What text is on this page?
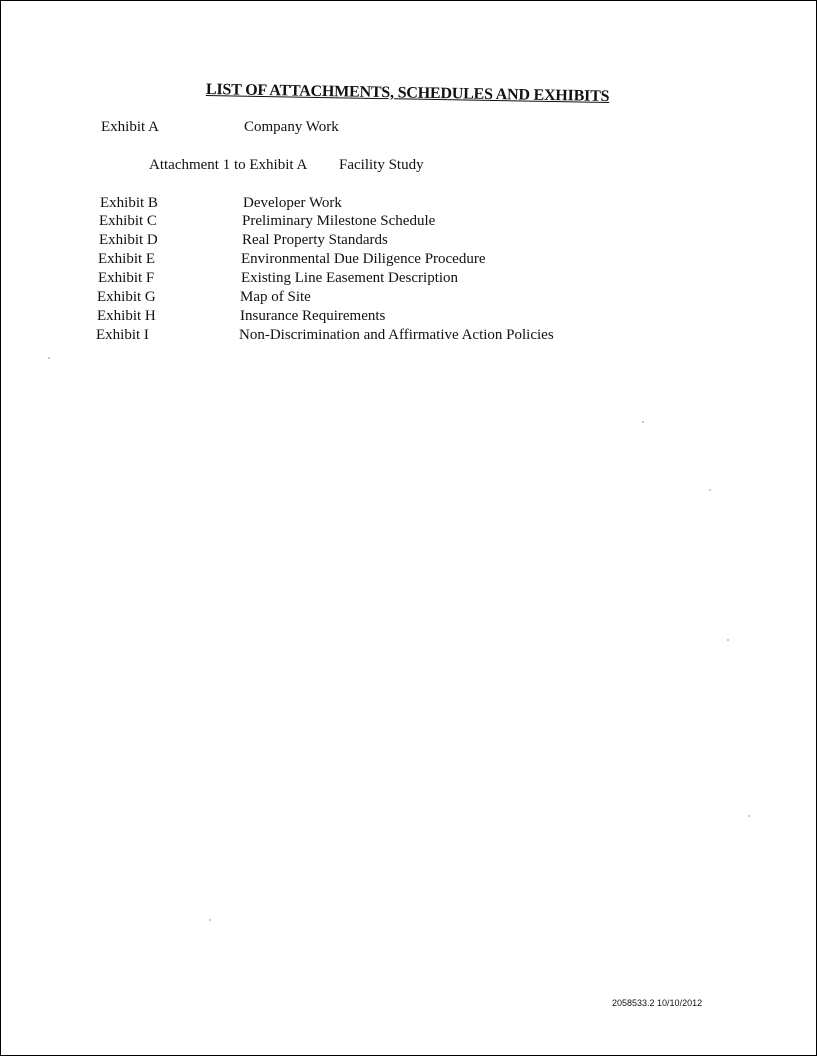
LIST OF ATTACHMENTS, SCHEDULES AND EXHIBITS
Exhibit A	Company Work
Attachment 1 to Exhibit A Facility Study
Exhibit B	Developer Work
Exhibit C	Preliminary Milestone Schedule
Exhibit D	Real Property Standards
Exhibit E	Environmental Due Diligence Procedure
Exhibit F	Existing Line Easement Description
Exhibit G	Map of Site
Exhibit H	Insurance Requirements
Exhibit I	Non-Discrimination and Affirmative Action Policies
2058533.2 10/10/2012
